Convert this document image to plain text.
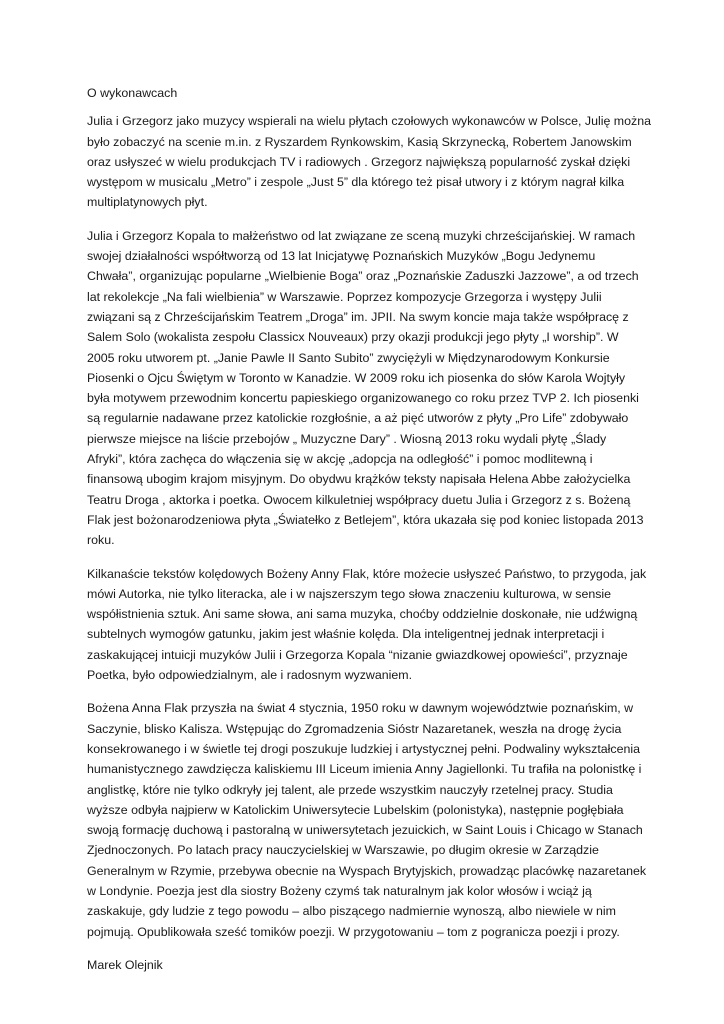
O wykonawcach
Julia i Grzegorz jako muzycy wspierali na wielu płytach czołowych wykonawców w Polsce, Julię można
było zobaczyć na scenie m.in. z Ryszardem Rynkowskim, Kasią Skrzynecką, Robertem Janowskim
oraz usłyszeć w wielu produkcjach TV i radiowych . Grzegorz największą popularność zyskał dzięki
występom w musicalu „Metro” i zespole „Just 5” dla którego też pisał utwory i z którym nagrał kilka
multiplatynowych płyt.
Julia i Grzegorz Kopala to małżeństwo od lat związane ze sceną muzyki chrześcijańskiej. W ramach
swojej działalności współtworzą od 13 lat Inicjatywę Poznańskich Muzyków „Bogu Jedynemu
Chwała”, organizując popularne „Wielbienie Boga” oraz „Poznańskie Zaduszki Jazzowe”, a od trzech
lat rekolekcje „Na fali wielbienia” w Warszawie. Poprzez kompozycje Grzegorza i występy Julii
związani są z Chrześcijańskim Teatrem „Droga” im. JPII. Na swym koncie maja także współpracę z
Salem Solo (wokalista zespołu Classicx Nouveaux) przy okazji produkcji jego płyty „I worship”. W
2005 roku utworem pt. „Janie Pawle II Santo Subito” zwyciężyli w Międzynarodowym Konkursie
Piosenki o Ojcu Świętym w Toronto w Kanadzie. W 2009 roku ich piosenka do słów Karola Wojtyły
była motywem przewodnim koncertu papieskiego organizowanego co roku przez TVP 2. Ich piosenki
są regularnie nadawane przez katolickie rozgłośnie, a aż pięć utworów z płyty „Pro Life” zdobywało
pierwsze miejsce na liście przebojów „ Muzyczne Dary” . Wiosną 2013 roku wydali płytę „Ślady
Afryki”, która zachęca do włączenia się w akcję „adopcja na odległość” i pomoc modlitewną i
finansową ubogim krajom misyjnym. Do obydwu krążków teksty napisała Helena Abbe założycielka
Teatru Droga , aktorka i poetka. Owocem kilkuletniej współpracy duetu Julia i Grzegorz z s. Bożeną
Flak jest bożonarodzeniowa płyta „Światełko z Betlejem”, która ukazała się pod koniec listopada 2013
roku.
Kilkanaście tekstów kolędowych Bożeny Anny Flak, które możecie usłyszeć Państwo, to przygoda, jak
mówi Autorka, nie tylko literacka, ale i w najszerszym tego słowa znaczeniu kulturowa, w sensie
współistnienia sztuk. Ani same słowa, ani sama muzyka, choćby oddzielnie doskonałe, nie udźwigną
subtelnych wymogów gatunku, jakim jest właśnie kolęda. Dla inteligentnej jednak interpretacji i
zaskakującej intuicji muzyków Julii i Grzegorza Kopala “nizanie gwiazdkowej opowieści”, przyznaje
Poetka, było odpowiedzialnym, ale i radosnym wyzwaniem.
Bożena Anna Flak przyszła na świat 4 stycznia, 1950 roku w dawnym województwie poznańskim, w
Saczynie, blisko Kalisza. Wstępując do Zgromadzenia Sióstr Nazaretanek, weszła na drogę życia
konsekrowanego i w świetle tej drogi poszukuje ludzkiej i artystycznej pełni. Podwaliny wykształcenia
humanistycznego zawdzięcza kaliskiemu III Liceum imienia Anny Jagiellonki. Tu trafiła na polonistkę i
anglistkę, które nie tylko odkryły jej talent, ale przede wszystkim nauczyły rzetelnej pracy. Studia
wyższe odbyła najpierw w Katolickim Uniwersytecie Lubelskim (polonistyka), następnie pogłębiała
swoją formację duchową i pastoralną w uniwersytetach jezuickich, w Saint Louis i Chicago w Stanach
Zjednoczonych. Po latach pracy nauczycielskiej w Warszawie, po długim okresie w Zarządzie
Generalnym w Rzymie, przebywa obecnie na Wyspach Brytyjskich, prowadząc placówkę nazaretanek
w Londynie. Poezja jest dla siostry Bożeny czymś tak naturalnym jak kolor włosów i wciąż ją
zaskakuje, gdy ludzie z tego powodu – albo piszącego nadmiernie wynoszą, albo niewiele w nim
pojmują. Opublikowała sześć tomików poezji. W przygotowaniu – tom z pogranicza poezji i prozy.
Marek Olejnik
